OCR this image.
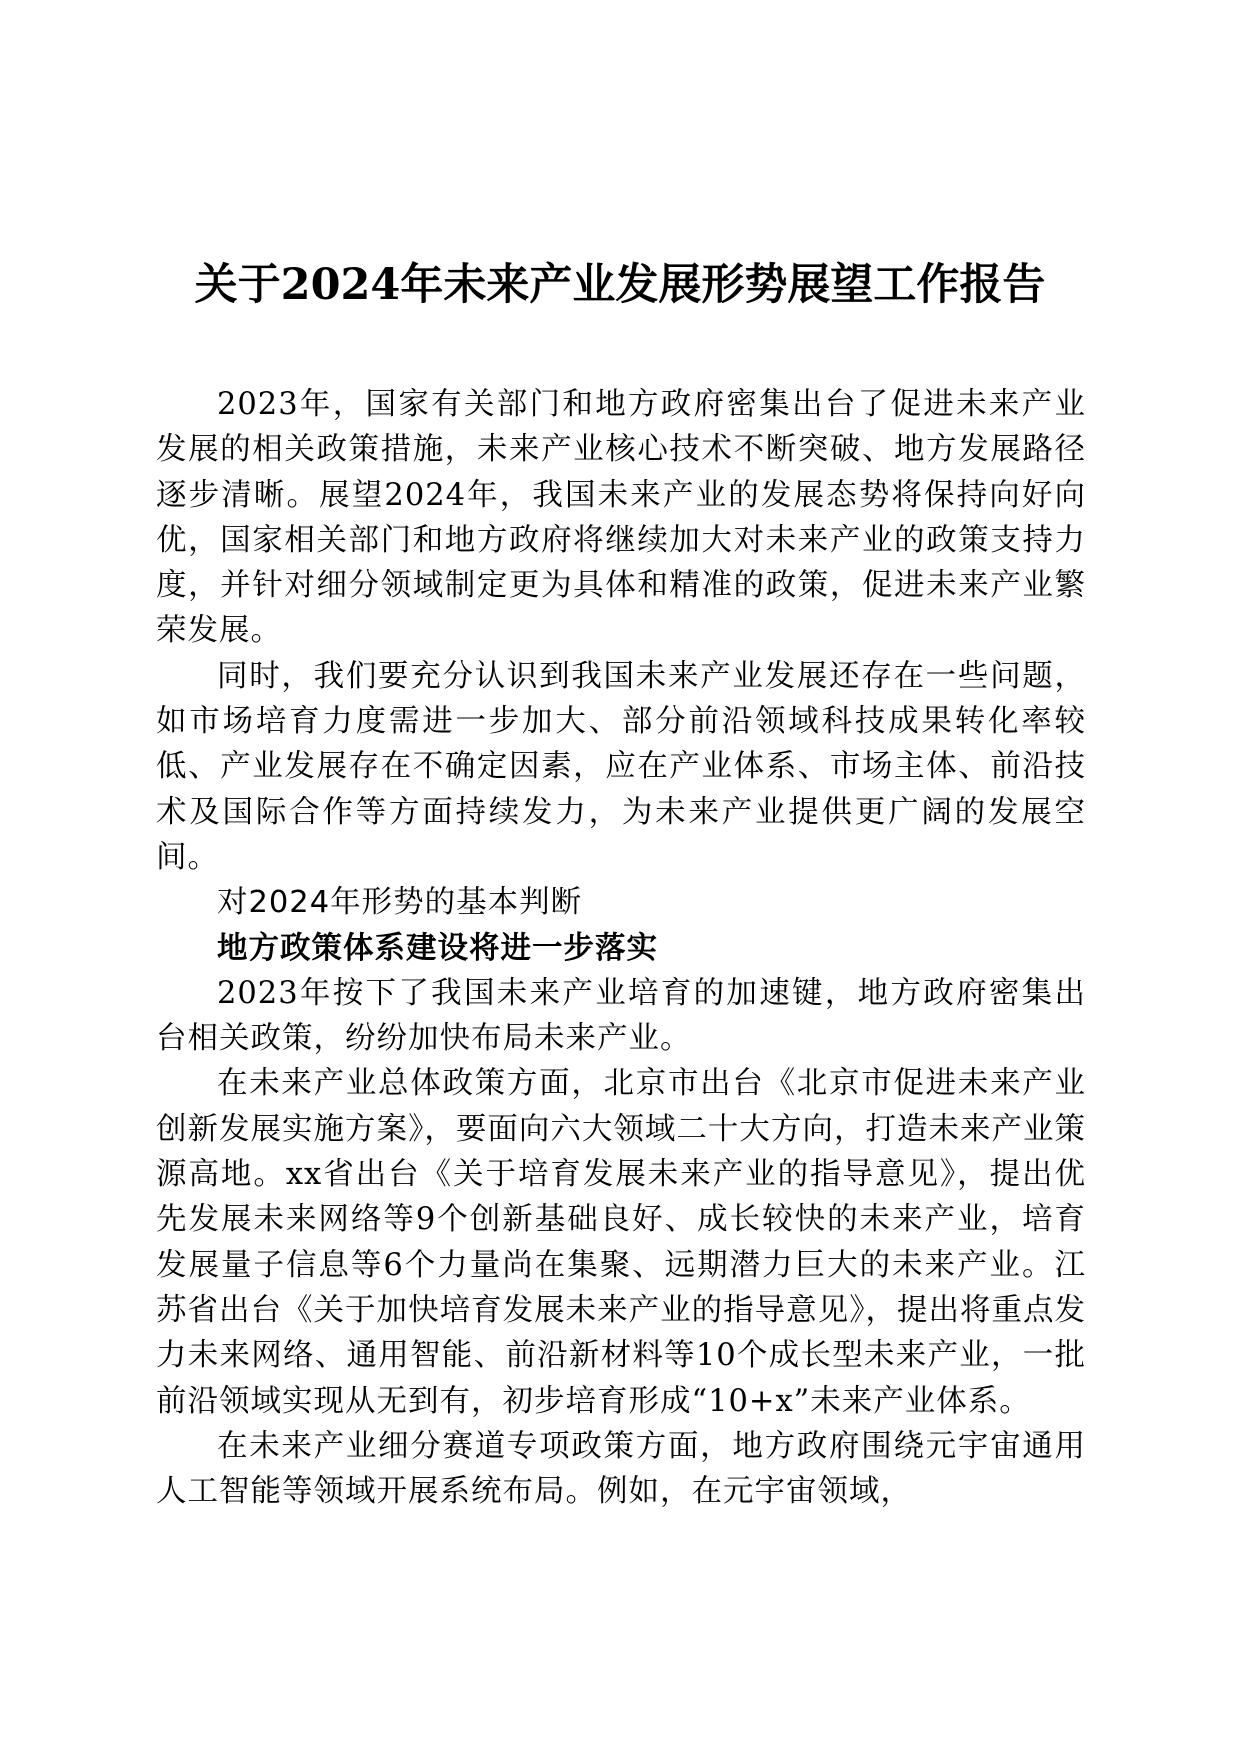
关于2024年未来产业发展形势展望工作报告

2023年，国家有关部门和地方政府密集出台了促进未来产业发展的相关政策措施，未来产业核心技术不断突破、地方发展路径逐步清晰。展望2024年，我国未来产业的发展态势将保持向好向优，国家相关部门和地方政府将继续加大对未来产业的政策支持力度，并针对细分领域制定更为具体和精准的政策，促进未来产业繁荣发展。

同时，我们要充分认识到我国未来产业发展还存在一些问题，如市场培育力度需进一步加大、部分前沿领域科技成果转化率较低、产业发展存在不确定因素，应在产业体系、市场主体、前沿技术及国际合作等方面持续发力，为未来产业提供更广阔的发展空间。

对2024年形势的基本判断

地方政策体系建设将进一步落实

2023年按下了我国未来产业培育的加速键，地方政府密集出台相关政策，纷纷加快布局未来产业。

在未来产业总体政策方面，北京市出台《北京市促进未来产业创新发展实施方案》，要面向六大领域二十大方向，打造未来产业策源高地。xx省出台《关于培育发展未来产业的指导意见》，提出优先发展未来网络等9个创新基础良好、成长较快的未来产业，培育发展量子信息等6个力量尚在集聚、远期潜力巨大的未来产业。江苏省出台《关于加快培育发展未来产业的指导意见》，提出将重点发力未来网络、通用智能、前沿新材料等10个成长型未来产业，一批前沿领域实现从无到有，初步培育形成“10+x”未来产业体系。

在未来产业细分赛道专项政策方面，地方政府围绕元宇宙通用人工智能等领域开展系统布局。例如，在元宇宙领域，
